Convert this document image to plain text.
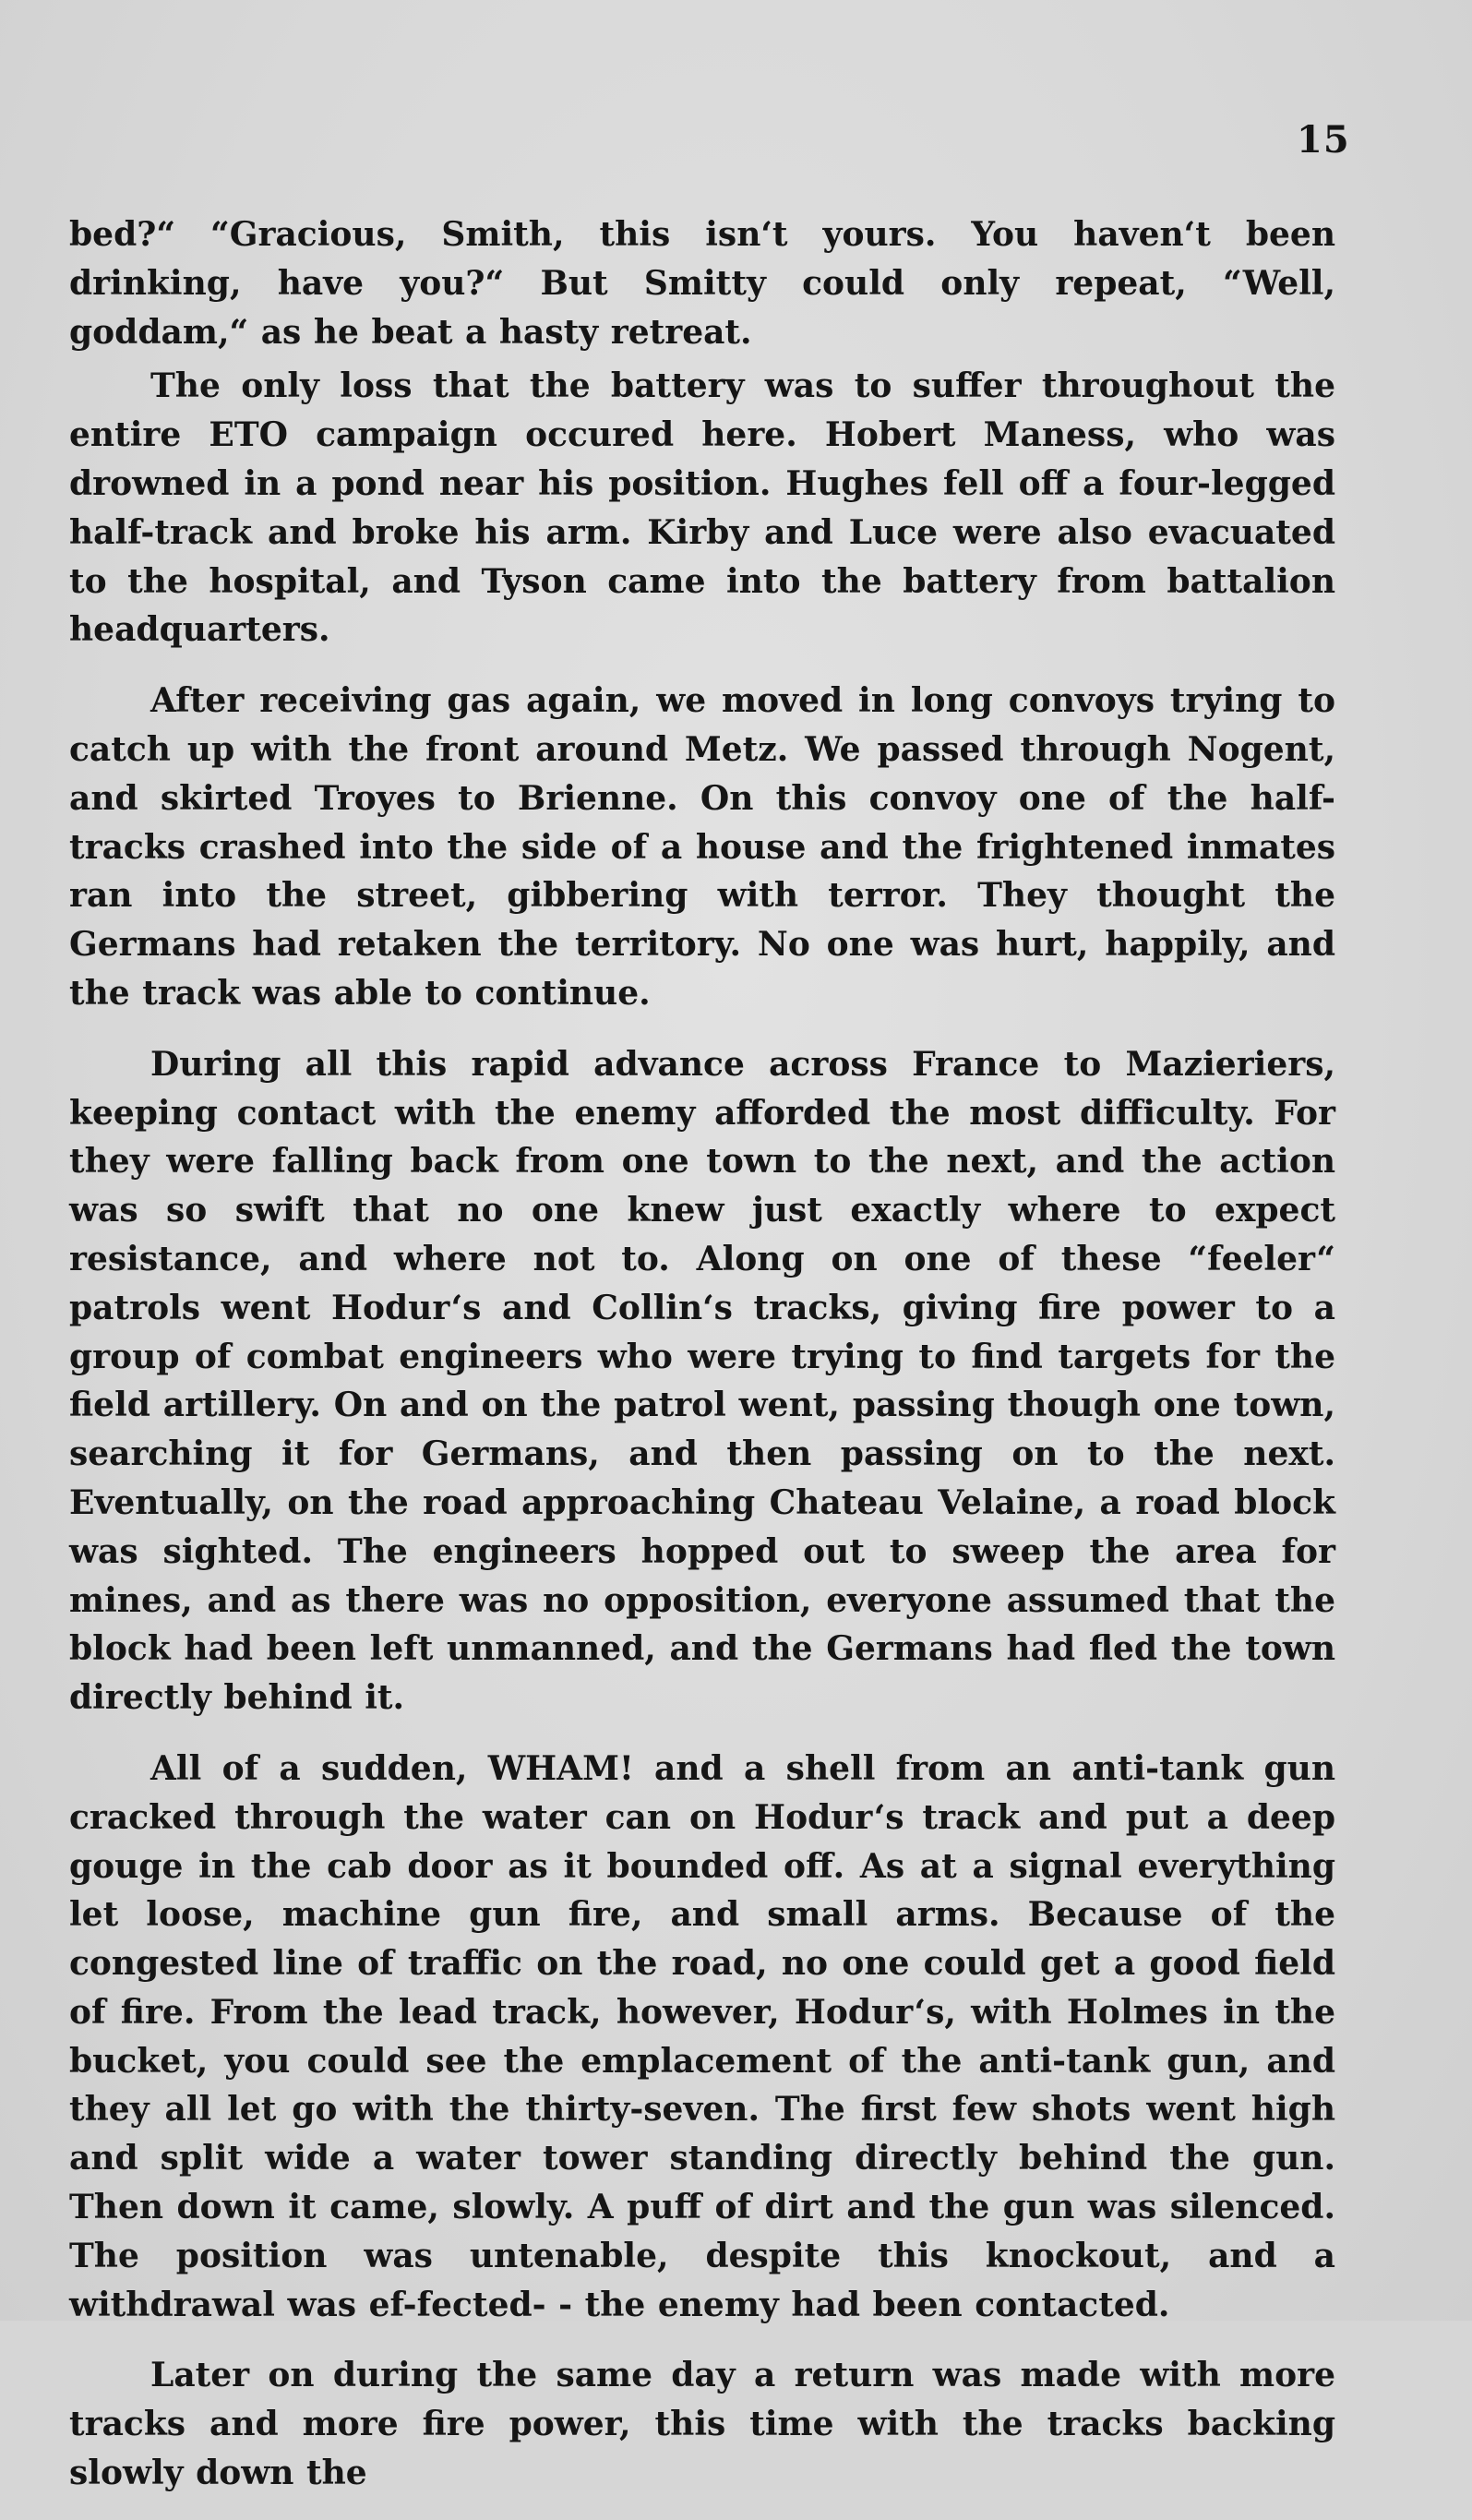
15

bed?“ “Gracious, Smith, this isn‘t yours. You haven‘t been drinking, have you?“ But Smitty could only repeat, “Well, goddam,“ as he beat a hasty retreat.

The only loss that the battery was to suffer throughout the entire ETO campaign occured here. Hobert Maness, who was drowned in a pond near his position. Hughes fell off a four-legged half-track and broke his arm. Kirby and Luce were also evacuated to the hospital, and Tyson came into the battery from battalion headquarters.

After receiving gas again, we moved in long convoys trying to catch up with the front around Metz. We passed through Nogent, and skirted Troyes to Brienne. On this convoy one of the half-tracks crashed into the side of a house and the frightened inmates ran into the street, gibbering with terror. They thought the Germans had retaken the territory. No one was hurt, happily, and the track was able to continue.

During all this rapid advance across France to Mazieriers, keeping contact with the enemy afforded the most difficulty. For they were falling back from one town to the next, and the action was so swift that no one knew just exactly where to expect resistance, and where not to. Along on one of these “feeler“ patrols went Hodur‘s and Collin‘s tracks, giving fire power to a group of combat engineers who were trying to find targets for the field artillery. On and on the patrol went, passing though one town, searching it for Germans, and then passing on to the next. Eventually, on the road approaching Chateau Velaine, a road block was sighted. The engineers hopped out to sweep the area for mines, and as there was no opposition, everyone assumed that the block had been left unmanned, and the Germans had fled the town directly behind it.

All of a sudden, WHAM! and a shell from an anti-tank gun cracked through the water can on Hodur‘s track and put a deep gouge in the cab door as it bounded off. As at a signal everything let loose, machine gun fire, and small arms. Because of the congested line of traffic on the road, no one could get a good field of fire. From the lead track, however, Hodur‘s, with Holmes in the bucket, you could see the emplacement of the anti-tank gun, and they all let go with the thirty-seven. The first few shots went high and split wide a water tower standing directly behind the gun. Then down it came, slowly. A puff of dirt and the gun was silenced. The position was untenable, despite this knockout, and a withdrawal was ef-fected- - the enemy had been contacted.

Later on during the same day a return was made with more tracks and more fire power, this time with the tracks backing slowly down the
